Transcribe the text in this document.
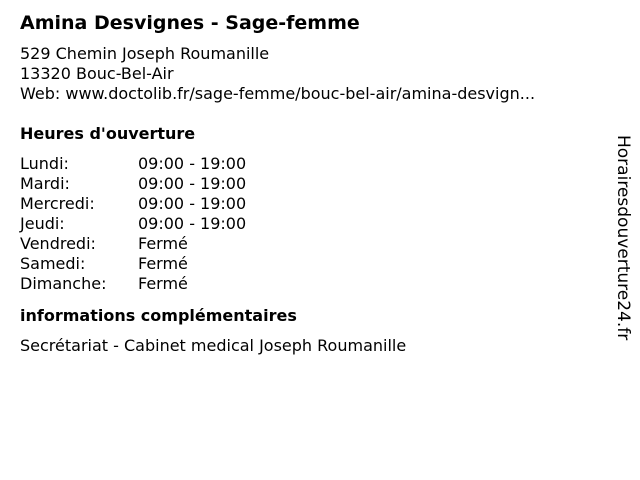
Amina Desvignes - Sage-femme
529 Chemin Joseph Roumanille
13320 Bouc-Bel-Air
Web: www.doctolib.fr/sage-femme/bouc-bel-air/amina-desvign...
Heures d'ouverture
Lundi:	09:00 - 19:00
Mardi:	09:00 - 19:00
Mercredi:	09:00 - 19:00
Jeudi:	09:00 - 19:00
Vendredi:	Fermé
Samedi:	Fermé
Dimanche:	Fermé
informations complémentaires
Secrétariat - Cabinet medical Joseph Roumanille
Horairesdouverture24.fr
